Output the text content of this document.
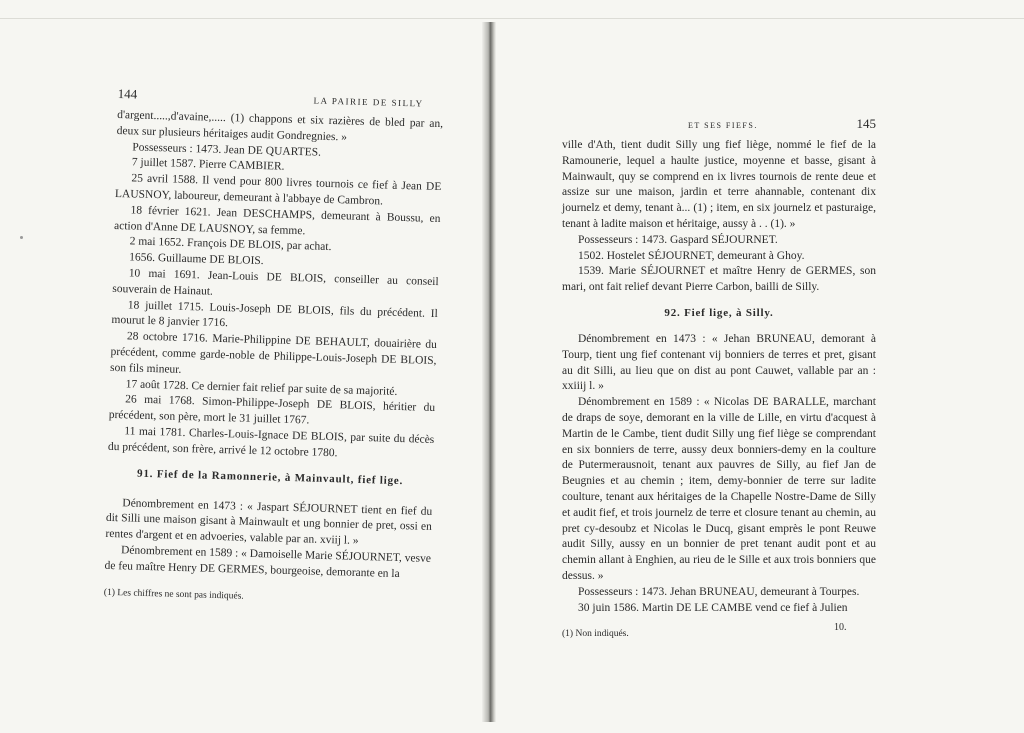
144
LA PAIRIE DE SILLY

d'argent.....,d'avaine,..... (1) chappons et six razières de bled par an, deux sur plusieurs héritaiges audit Gondregnies. »

Possesseurs : 1473. Jean DE QUARTES.

7 juillet 1587. Pierre CAMBIER.

25 avril 1588. Il vend pour 800 livres tournois ce fief à Jean DE LAUSNOY, laboureur, demeurant à l'abbaye de Cambron.

18 février 1621. Jean DESCHAMPS, demeurant à Boussu, en action d'Anne DE LAUSNOY, sa femme.

2 mai 1652. François DE BLOIS, par achat.

1656. Guillaume DE BLOIS.

10 mai 1691. Jean-Louis DE BLOIS, conseiller au conseil souverain de Hainaut.

18 juillet 1715. Louis-Joseph DE BLOIS, fils du précédent. Il mourut le 8 janvier 1716.

28 octobre 1716. Marie-Philippine DE BEHAULT, douairière du précédent, comme garde-noble de Philippe-Louis-Joseph DE BLOIS, son fils mineur.

17 août 1728. Ce dernier fait relief par suite de sa majorité.

26 mai 1768. Simon-Philippe-Joseph DE BLOIS, héritier du précédent, son père, mort le 31 juillet 1767.

11 mai 1781. Charles-Louis-Ignace DE BLOIS, par suite du décès du précédent, son frère, arrivé le 12 octobre 1780.

91. Fief de la Ramonnerie, à Mainvault, fief lige.

Dénombrement en 1473 : « Jaspart SÉJOURNET tient en fief du dit Silli une maison gisant à Mainwault et ung bonnier de pret, ossi en rentes d'argent et en advoeries, valable par an. xviij l. »

Dénombrement en 1589 : « Damoiselle Marie SÉJOURNET, vesve de feu maître Henry DE GERMES, bourgeoise, demorante en la

(1) Les chiffres ne sont pas indiqués.

ET SES FIEFS.	145

ville d'Ath, tient dudit Silly ung fief liège, nommé le fief de la Ramounerie, lequel a haulte justice, moyenne et basse, gisant à Mainwault, quy se comprend en ix livres tournois de rente deue et assize sur une maison, jardin et terre ahannable, contenant dix journelz et demy, tenant à... (1) ; item, en six journelz et pasturaige, tenant à ladite maison et héritaige, aussy à . . (1). »

Possesseurs : 1473. Gaspard SÉJOURNET.

1502. Hostelet SÉJOURNET, demeurant à Ghoy.

1539. Marie SÉJOURNET et maître Henry de GERMES, son mari, ont fait relief devant Pierre Carbon, bailli de Silly.

92. Fief lige, à Silly.

Dénombrement en 1473 : « Jehan BRUNEAU, demorant à Tourp, tient ung fief contenant vij bonniers de terres et pret, gisant au dit Silli, au lieu que on dist au pont Cauwet, vallable par an : xxiiij l. »

Dénombrement en 1589 : « Nicolas DE BARALLE, marchant de draps de soye, demorant en la ville de Lille, en virtu d'acquest à Martin de le Cambe, tient dudit Silly ung fief liège se comprendant en six bonniers de terre, aussy deux bonniers-demy en la coulture de Putermerausnoit, tenant aux pauvres de Silly, au fief Jan de Beugnies et au chemin ; item, demy-bonnier de terre sur ladite coulture, tenant aux héritaiges de la Chapelle Nostre-Dame de Silly et audit fief, et trois journelz de terre et closure tenant au chemin, au pret cy-desoubz et Nicolas le Ducq, gisant emprès le pont Reuwe audit Silly, aussy en un bonnier de pret tenant audit pont et au chemin allant à Enghien, au rieu de le Sille et aux trois bonniers que dessus. »

Possesseurs : 1473. Jehan BRUNEAU, demeurant à Tourpes.

30 juin 1586. Martin DE LE CAMBE vend ce fief à Julien

(1) Non indiqués.

10.
